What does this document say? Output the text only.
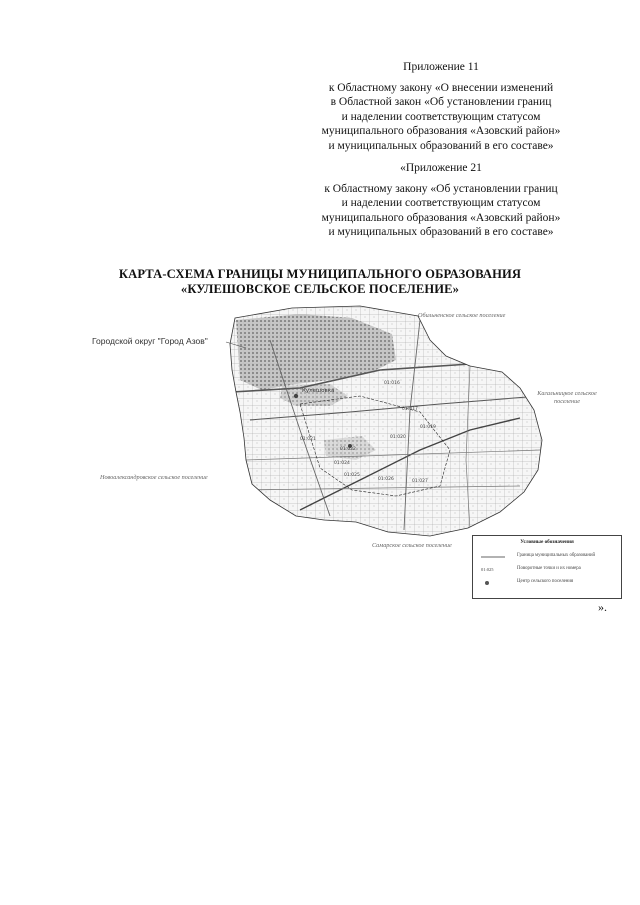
Приложение 11
к Областному закону «О внесении изменений
в Областной закон «Об установлении границ
и наделении соответствующим статусом
муниципального образования «Азовский район»
и муниципальных образований в его составе»
«Приложение 21
к Областному закону «Об установлении границ
и наделении соответствующим статусом
муниципального образования «Азовский район»
и муниципальных образований в его составе»
КАРТА-СХЕМА ГРАНИЦЫ МУНИЦИПАЛЬНОГО ОБРАЗОВАНИЯ
«КУЛЕШОВСКОЕ СЕЛЬСКОЕ ПОСЕЛЕНИЕ»
Кулешовка
01:016
01:017
01:019
01:020
01:021
01:022
01:024
01:025
01:026	01:027
Городской округ "Город Азов"
Обильненское сельское поселение
Кагальницкое сельское поселение
Новоалександровское сельское поселение
Самарское сельское поселение	Условные обозначения
Граница муниципальных образований
01:025	Поворотные точки и их номера
Центр сельского поселения
».
